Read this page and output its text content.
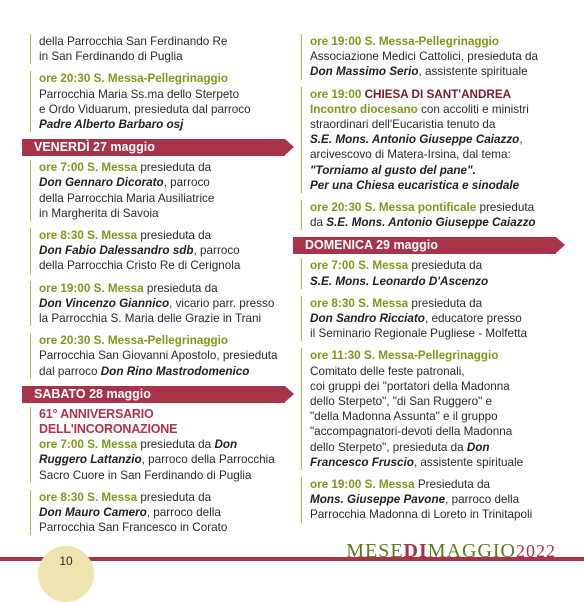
della Parrocchia San Ferdinando Re
in San Ferdinando di Puglia
ore 20:30 S. Messa-Pellegrinaggio
Parrocchia Maria Ss.ma dello Sterpeto
e Ordo Viduarum, presieduta dal parroco
Padre Alberto Barbaro osj
VENERDÌ 27 maggio
ore 7:00 S. Messa presieduta da
Don Gennaro Dicorato, parroco
della Parrocchia Maria Ausiliatrice
in Margherita di Savoia
ore 8:30 S. Messa presieduta da
Don Fabio Dalessandro sdb, parroco
della Parrocchia Cristo Re di Cerignola
ore 19:00 S. Messa presieduta da
Don Vincenzo Giannico, vicario parr. presso
la Parrocchia S. Maria delle Grazie in Trani
ore 20:30 S. Messa-Pellegrinaggio
Parrocchia San Giovanni Apostolo, presieduta
dal parroco Don Rino Mastrodomenico
SABATO 28 maggio
61° ANNIVERSARIO DELL'INCORONAZIONE
ore 7:00 S. Messa presieduta da Don
Ruggero Lattanzio, parroco della Parrocchia
Sacro Cuore in San Ferdinando di Puglia
ore 8:30 S. Messa presieduta da
Don Mauro Camero, parroco della
Parrocchia San Francesco in Corato
ore 19:00 S. Messa-Pellegrinaggio
Associazione Medici Cattolici, presieduta da
Don Massimo Serio, assistente spirituale
ore 19:00 CHIESA DI SANT'ANDREA
Incontro diocesano con accoliti e ministri
straordinari dell'Eucaristia tenuto da
S.E. Mons. Antonio Giuseppe Caiazzo,
arcivescovo di Matera-Irsina, dal tema:
"Torniamo al gusto del pane".
Per una Chiesa eucaristica e sinodale
ore 20:30 S. Messa pontificale presieduta
da S.E. Mons. Antonio Giuseppe Caiazzo
DOMENICA 29 maggio
ore 7:00 S. Messa presieduta da
S.E. Mons. Leonardo D'Ascenzo
ore 8:30 S. Messa presieduta da
Don Sandro Ricciato, educatore presso
il Seminario Regionale Pugliese - Molfetta
ore 11:30 S. Messa-Pellegrinaggio
Comitato delle feste patronali,
coi gruppi dei "portatori della Madonna
dello Sterpeto", "di San Ruggero" e
"della Madonna Assunta" e il gruppo
"accompagnatori-devoti della Madonna
dello Sterpeto", presieduta da Don
Francesco Fruscio, assistente spirituale
ore 19:00 S. Messa Presieduta da
Mons. Giuseppe Pavone, parroco della
Parrocchia Madonna di Loreto in Trinitapoli
10	MESEDIMAGGIO2022
